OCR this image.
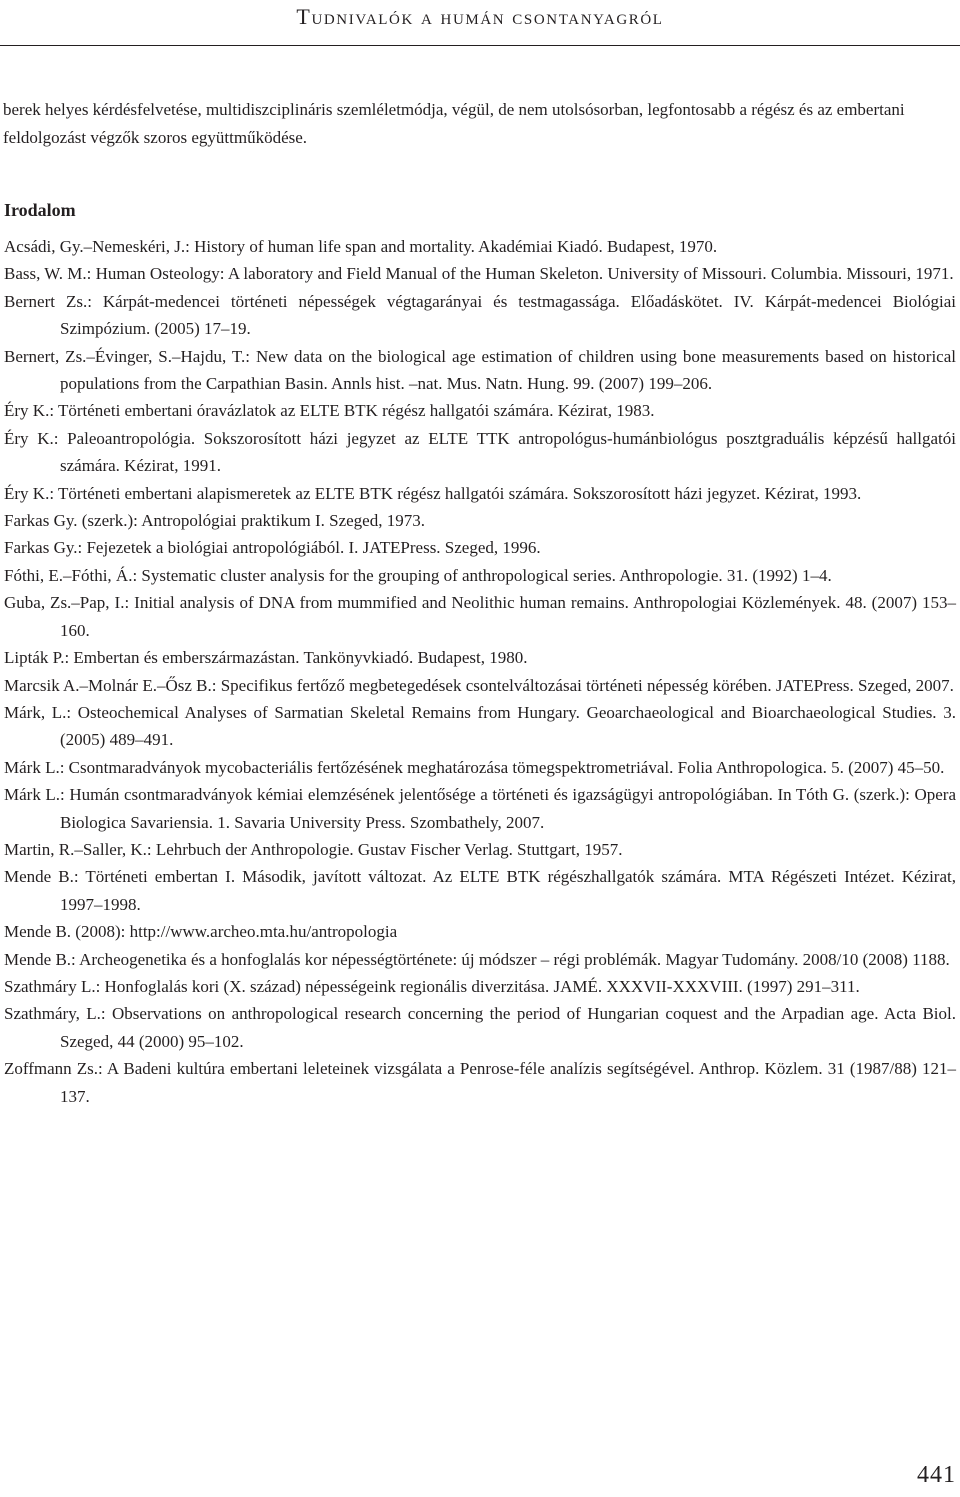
Tudnivalók a humán csontanyagról

berek helyes kérdésfelvetése, multidiszciplináris szemléletmódja, végül, de nem utolsósorban, legfontosabb a régész és az embertani feldolgozást végzők szoros együttműködése.

Irodalom
Acsádi, Gy.–Nemeskéri, J.: History of human life span and mortality. Akadémiai Kiadó. Budapest, 1970.
Bass, W. M.: Human Osteology: A laboratory and Field Manual of the Human Skeleton. University of Missouri. Columbia. Missouri, 1971.
Bernert Zs.: Kárpát-medencei történeti népességek végtagarányai és testmagassága. Előadáskötet. IV. Kárpát-medencei Biológiai Szimpózium. (2005) 17–19.
Bernert, Zs.–Évinger, S.–Hajdu, T.: New data on the biological age estimation of children using bone measurements based on historical populations from the Carpathian Basin. Annls hist. –nat. Mus. Natn. Hung. 99. (2007) 199–206.
Éry K.: Történeti embertani óravázlatok az ELTE BTK régész hallgatói számára. Kézirat, 1983.
Éry K.: Paleoantropológia. Sokszorosított házi jegyzet az ELTE TTK antropológus-humánbiológus posztgraduális képzésű hallgatói számára. Kézirat, 1991.
Éry K.: Történeti embertani alapismeretek az ELTE BTK régész hallgatói számára. Sokszorosított házi jegyzet. Kézirat, 1993.
Farkas Gy. (szerk.): Antropológiai praktikum I. Szeged, 1973.
Farkas Gy.: Fejezetek a biológiai antropológiából. I. JATEPress. Szeged, 1996.
Fóthi, E.–Fóthi, Á.: Systematic cluster analysis for the grouping of anthropological series. Anthropologie. 31. (1992) 1–4.
Guba, Zs.–Pap, I.: Initial analysis of DNA from mummified and Neolithic human remains. Anthropologiai Közlemények. 48. (2007) 153–160.
Lipták P.: Embertan és emberszármazástan. Tankönyvkiadó. Budapest, 1980.
Marcsik A.–Molnár E.–Ősz B.: Specifikus fertőző megbetegedések csontelváltozásai történeti népesség körében. JATEPress. Szeged, 2007.
Márk, L.: Osteochemical Analyses of Sarmatian Skeletal Remains from Hungary. Geoarchaeological and Bioarchaeological Studies. 3. (2005) 489–491.
Márk L.: Csontmaradványok mycobacteriális fertőzésének meghatározása tömegspektrometriával. Folia Anthropologica. 5. (2007) 45–50.
Márk L.: Humán csontmaradványok kémiai elemzésének jelentősége a történeti és igazságügyi antropológiában. In Tóth G. (szerk.): Opera Biologica Savariensia. 1. Savaria University Press. Szombathely, 2007.
Martin, R.–Saller, K.: Lehrbuch der Anthropologie. Gustav Fischer Verlag. Stuttgart, 1957.
Mende B.: Történeti embertan I. Második, javított változat. Az ELTE BTK régészhallgatók számára. MTA Régészeti Intézet. Kézirat, 1997–1998.
Mende B. (2008): http://www.archeo.mta.hu/antropologia
Mende B.: Archeogenetika és a honfoglalás kor népességtörténete: új módszer – régi problémák. Magyar Tudomány. 2008/10 (2008) 1188.
Szathmáry L.: Honfoglalás kori (X. század) népességeink regionális diverzitása. JAMÉ. XXXVII-XXXVIII. (1997) 291–311.
Szathmáry, L.: Observations on anthropological research concerning the period of Hungarian coquest and the Arpadian age. Acta Biol. Szeged, 44 (2000) 95–102.
Zoffmann Zs.: A Badeni kultúra embertani leleteinek vizsgálata a Penrose-féle analízis segítségével. Anthrop. Közlem. 31 (1987/88) 121–137.
441
